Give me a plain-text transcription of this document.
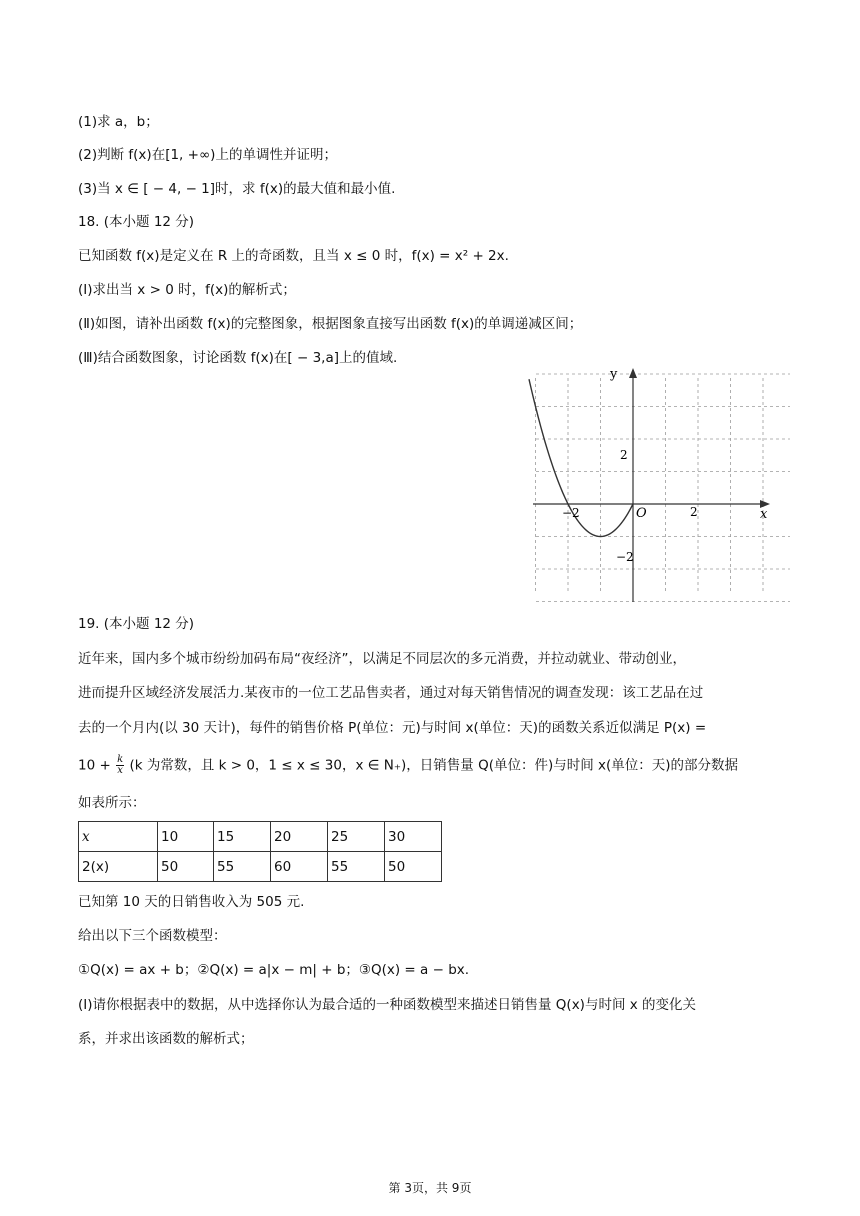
(1)求 a，b；
(2)判断 f(x)在[1, +∞)上的单调性并证明；
(3)当 x ∈ [ − 4, − 1]时，求 f(x)的最大值和最小值.
18. (本小题 12 分)
已知函数 f(x)是定义在 R 上的奇函数，且当 x ≤ 0 时，f(x) = x² + 2x.
(Ⅰ)求出当 x > 0 时，f(x)的解析式；
(Ⅱ)如图，请补出函数 f(x)的完整图象，根据图象直接写出函数 f(x)的单调递减区间；
(Ⅲ)结合函数图象，讨论函数 f(x)在[ − 3,a]上的值域.
y
x
O
−2	2
2
−2
19. (本小题 12 分)
近年来，国内多个城市纷纷加码布局“夜经济”，以满足不同层次的多元消费，并拉动就业、带动创业，
进而提升区域经济发展活力.某夜市的一位工艺品售卖者，通过对每天销售情况的调查发现：该工艺品在过
去的一个月内(以 30 天计)，每件的销售价格 P(单位：元)与时间 x(单位：天)的函数关系近似满足 P(x) =
$10 + \frac{k}{x} (k$ 为常数，且 k > 0，1 ≤ x ≤ 30，x ∈ N₊)，日销售量 Q(单位：件)与时间 x(单位：天)的部分数据
如表所示：
x	10	15	20	25	30
2(x)	50	55	60	55	50
已知第 10 天的日销售收入为 505 元.
给出以下三个函数模型：
①Q(x) = ax + b；②Q(x) = a|x − m| + b；③Q(x) = a − bx.
(Ⅰ)请你根据表中的数据，从中选择你认为最合适的一种函数模型来描述日销售量 Q(x)与时间 x 的变化关
系，并求出该函数的解析式；
第 3页，共 9页
